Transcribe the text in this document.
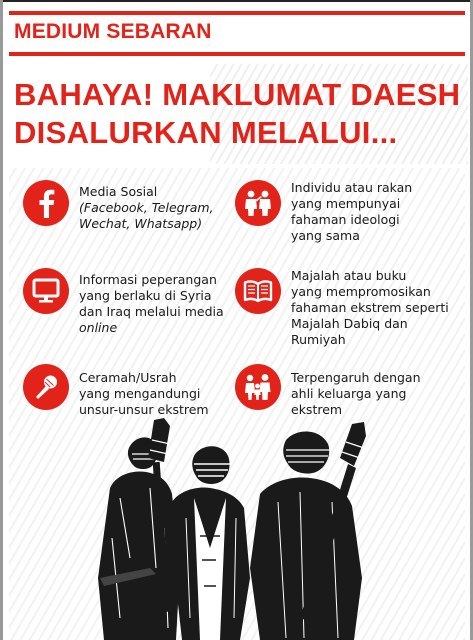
MEDIUM SEBARAN
BAHAYA! MAKLUMAT DAESH
DISALURKAN MELALUI...
Media Sosial
(Facebook, Telegram,
Wechat, Whatsapp)
Individu atau rakan
yang mempunyai
fahaman ideologi
yang sama
Informasi peperangan
yang berlaku di Syria
dan Iraq melalui media
online
Majalah atau buku
yang mempromosikan
fahaman ekstrem seperti
Majalah Dabiq dan
Rumiyah
Ceramah/Usrah
yang mengandungi
unsur-unsur ekstrem
Terpengaruh dengan
ahli keluarga yang
ekstrem
